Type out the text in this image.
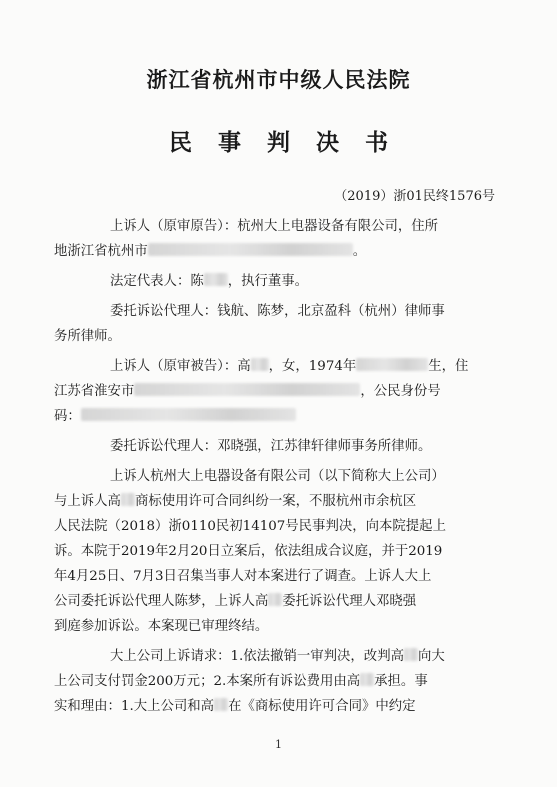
浙江省杭州市中级人民法院
民事判决书
（2019）浙01民终1576号
上诉人（原审原告）：杭州大上电器设备有限公司，住所
地浙江省杭州市	。
法定代表人：陈 ，执行董事。
委托诉讼代理人：钱航、陈梦，北京盈科（杭州）律师事
务所律师。
上诉人（原审被告）：高 ，女，1974年	生，住
江苏省淮安市	，公民身份号
码：
委托诉讼代理人：邓晓强，江苏律轩律师事务所律师。
上诉人杭州大上电器设备有限公司（以下简称大上公司）
与上诉人高 商标使用许可合同纠纷一案，不服杭州市余杭区
人民法院（2018）浙0110民初14107号民事判决，向本院提起上
诉。本院于2019年2月20日立案后，依法组成合议庭，并于2019
年4月25日、7月3日召集当事人对本案进行了调查。上诉人大上
公司委托诉讼代理人陈梦，上诉人高 委托诉讼代理人邓晓强
到庭参加诉讼。本案现已审理终结。
大上公司上诉请求：1.依法撤销一审判决，改判高 向大
上公司支付罚金200万元；2.本案所有诉讼费用由高 承担。事
实和理由：1.大上公司和高 在《商标使用许可合同》中约定
1
